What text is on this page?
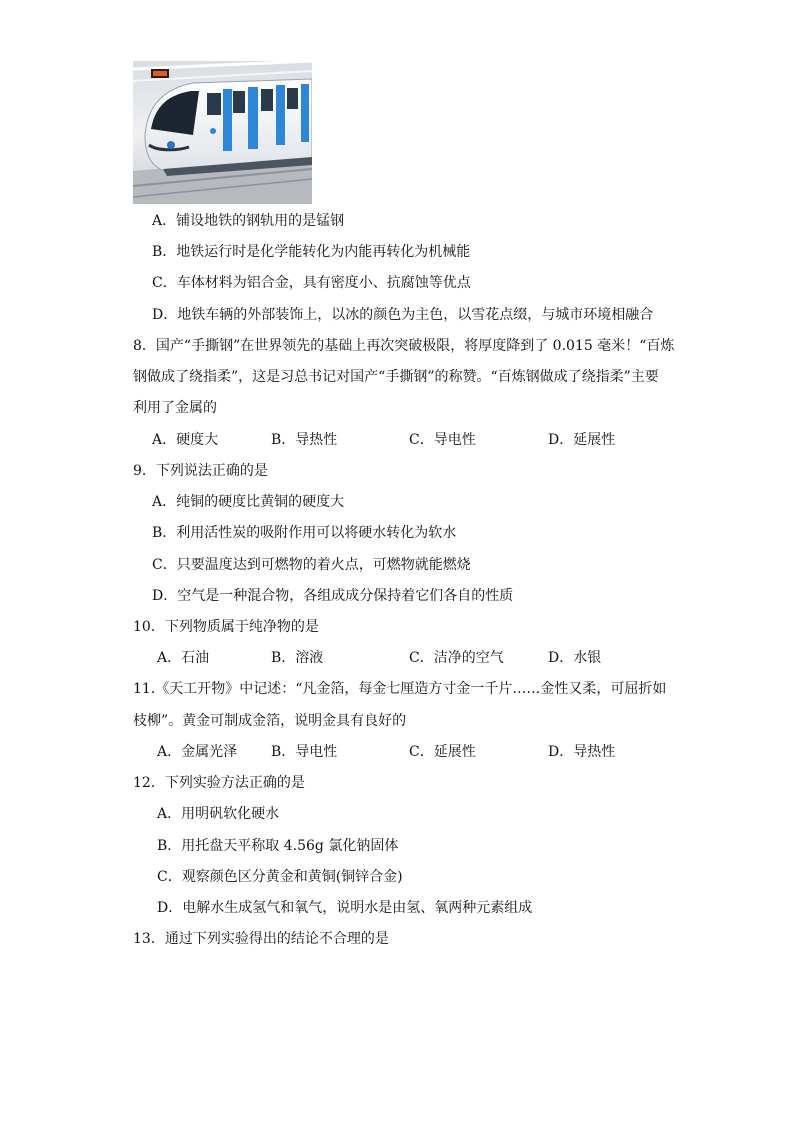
A．铺设地铁的钢轨用的是锰钢
B．地铁运行时是化学能转化为内能再转化为机械能
C．车体材料为铝合金，具有密度小、抗腐蚀等优点
D．地铁车辆的外部装饰上，以冰的颜色为主色，以雪花点缀，与城市环境相融合
8．国产“手撕钢”在世界领先的基础上再次突破极限，将厚度降到了 0.015 毫米！“百炼
钢做成了绕指柔”，这是习总书记对国产“手撕钢”的称赞。“百炼钢做成了绕指柔”主要
利用了金属的
A．硬度大	B．导热性	C．导电性	D．延展性
9．下列说法正确的是
A．纯铜的硬度比黄铜的硬度大
B．利用活性炭的吸附作用可以将硬水转化为软水
C．只要温度达到可燃物的着火点，可燃物就能燃烧
D．空气是一种混合物，各组成成分保持着它们各自的性质
10．下列物质属于纯净物的是
A．石油	B．溶液	C．洁净的空气	D．水银
11.《天工开物》中记述：“凡金箔，每金七厘造方寸金一千片……金性又柔，可屈折如
枝柳”。黄金可制成金箔，说明金具有良好的
A．金属光泽 B．导电性	C．延展性	D．导热性
12．下列实验方法正确的是
A．用明矾软化硬水
B．用托盘天平称取 4.56g 氯化钠固体
C．观察颜色区分黄金和黄铜(铜锌合金)
D．电解水生成氢气和氧气，说明水是由氢、氧两种元素组成
13．通过下列实验得出的结论不合理的是
